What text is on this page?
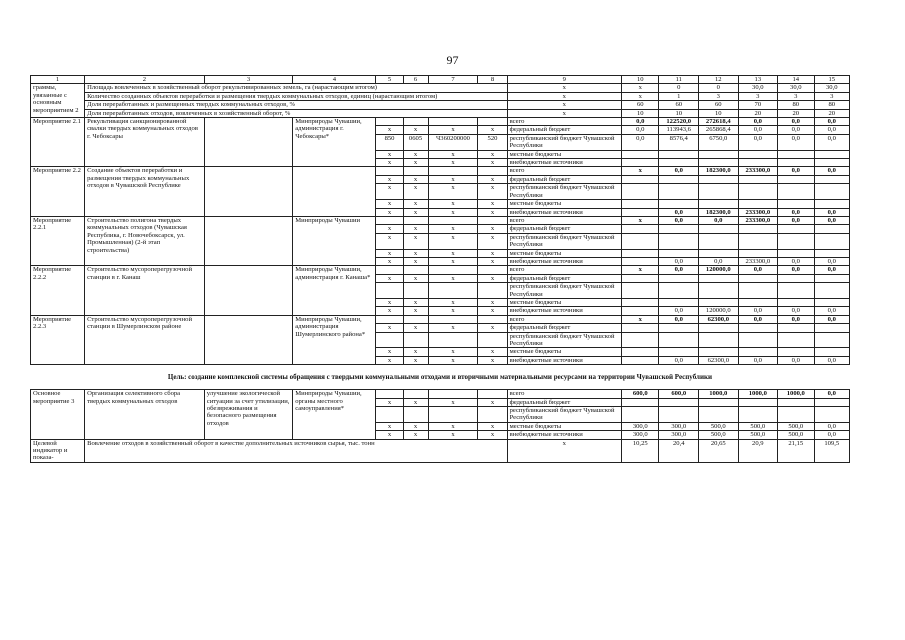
97
1	2	3	4	5	6	7	8	9	10	11	12	13	14	15
граммы, увязанные с основным мероприятием 2	Площадь вовлеченных в хозяйственный оборот рекультивированных земель, га (нарастающим итогом)							x	x	0	0	30,0	30,0	30,0
	Количество созданных объектов переработки и размещения твердых коммунальных отходов, единиц (нарастающим итогом)							x	x	1	3	3	3	3
	Доля переработанных и размещенных твердых коммунальных отходов, %							x	60	60	60	70	80	80
	Доля переработанных отходов, вовлеченных в хозяйственный оборот, %							x	10	10	10	20	20	20
Мероприятие 2.1	Рекультивация санкционированной свалки твердых коммунальных отходов г. Чебоксары		Минприроды Чувашии, администрация г. Чебоксары*					всего	0,0	122520,0	272618,4	0,0	0,0	0,0
				x	x	x	x	федеральный бюджет	0,0	113943,6	265868,4	0,0	0,0	0,0
				850	0605	Ч360200000	520	республиканский бюджет Чувашской Республики	0,0	8576,4	6750,0	0,0	0,0	0,0
				x	x	x	x	местные бюджеты						
				x	x	x	x	внебюджетные источники						
Мероприятие 2.2	Создание объектов переработки и размещения твердых коммунальных отходов в Чувашской Республике							всего	x	0,0	182300,0	233300,0	0,0	0,0
				x	x	x	x	федеральный бюджет						
				x	x	x	x	республиканский бюджет Чувашской Республики						
				x	x	x	x	местные бюджеты						
				x	x	x	x	внебюджетные источники		0,0	182300,0	233300,0	0,0	0,0
Мероприятие 2.2.1	Строительство полигона твердых коммунальных отходов (Чувашская Республика, г. Новочебоксарск, ул. Промышленная) (2-й этап строительства)		Минприроды Чувашии					всего	x	0,0	0,0	233300,0	0,0	0,0
				x	x	x	x	федеральный бюджет						
				x	x	x	x	республиканский бюджет Чувашской Республики						
				x	x	x	x	местные бюджеты						
				x	x	x	x	внебюджетные источники		0,0	0,0	233300,0	0,0	0,0
Мероприятие 2.2.2	Строительство мусороперегрузочной станции в г. Канаш		Минприроды Чувашии, администрация г. Канаша*					всего	x	0,0	120000,0	0,0	0,0	0,0
				x	x	x	x	федеральный бюджет						
								республиканский бюджет Чувашской Республики						
				x	x	x	x	местные бюджеты						
				x	x	x	x	внебюджетные источники		0,0	120000,0	0,0	0,0	0,0
Мероприятие 2.2.3	Строительство мусороперегрузочной станции в Шумерлинском районе		Минприроды Чувашии, администрация Шумерлинского района*					всего	x	0,0	62300,0	0,0	0,0	0,0
				x	x	x	x	федеральный бюджет						
								республиканский бюджет Чувашской Республики						
				x	x	x	x	местные бюджеты						
				x	x	x	x	внебюджетные источники		0,0	62300,0	0,0	0,0	0,0
Цель: создание комплексной системы обращения с твердыми коммунальными отходами и вторичными материальными ресурсами на территории Чувашской Республики														
Основное мероприятие 3	Организация селективного сбора твердых коммунальных отходов	улучшение экологической ситуации за счет утилизации, обезвреживания и безопасного размещения отходов	Минприроды Чувашии, органы местного самоуправления*					всего	600,0	600,0	1000,0	1000,0	1000,0	0,0
				x	x	x	x	федеральный бюджет						
								республиканский бюджет Чувашской Республики						
				x	x	x	x	местные бюджеты	300,0	300,0	500,0	500,0	500,0	0,0
				x	x	x	x	внебюджетные источники	300,0	300,0	500,0	500,0	500,0	0,0
Целевой индикатор и показа-	Вовлечение отходов в хозяйственный оборот в качестве дополнительных источников сырья, тыс. тонн							x	10,25	20,4	20,65	20,9	21,15	109,5
